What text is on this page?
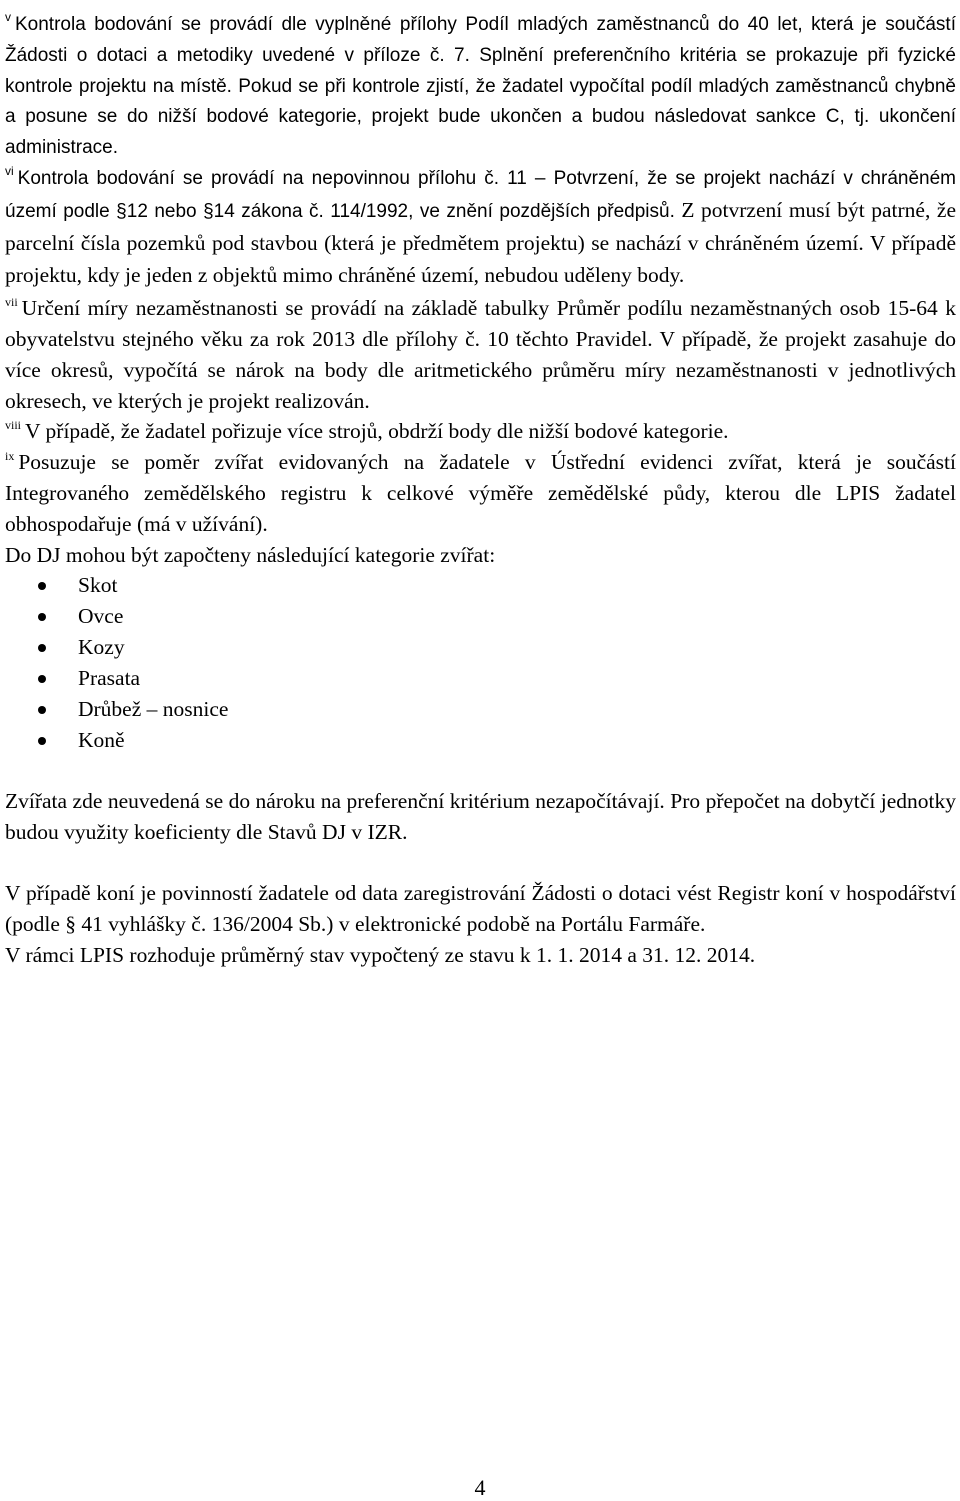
$^v$ Kontrola bodování se provádí dle vyplněné přílohy Podíl mladých zaměstnanců do 40 let, která je součástí Žádosti o dotaci a metodiky uvedené v příloze č. 7. Splnění preferenčního kritéria se prokazuje při fyzické kontrole projektu na místě. Pokud se při kontrole zjistí, že žadatel vypočítal podíl mladých zaměstnanců chybně a posune se do nižší bodové kategorie, projekt bude ukončen a budou následovat sankce C, tj. ukončení administrace.

$^{vi}$ Kontrola bodování se provádí na nepovinnou přílohu č. 11 – Potvrzení, že se projekt nachází v chráněném území podle §12 nebo §14 zákona č. 114/1992, ve znění pozdějších předpisů. Z potvrzení musí být patrné, že parcelní čísla pozemků pod stavbou (která je předmětem projektu) se nachází v chráněném území. V případě projektu, kdy je jeden z objektů mimo chráněné území, nebudou uděleny body.

$^{vii}$ Určení míry nezaměstnanosti se provádí na základě tabulky Průměr podílu nezaměstnaných osob 15-64 k obyvatelstvu stejného věku za rok 2013 dle přílohy č. 10 těchto Pravidel. V případě, že projekt zasahuje do více okresů, vypočítá se nárok na body dle aritmetického průměru míry nezaměstnanosti v jednotlivých okresech, ve kterých je projekt realizován.

$^{viii}$ V případě, že žadatel pořizuje více strojů, obdrží body dle nižší bodové kategorie.

$^{ix}$ Posuzuje se poměr zvířat evidovaných na žadatele v Ústřední evidenci zvířat, která je součástí Integrovaného zemědělského registru k celkové výměře zemědělské půdy, kterou dle LPIS žadatel obhospodařuje (má v užívání).

Do DJ mohou být započteny následující kategorie zvířat:

Skot
Ovce
Kozy
Prasata
Drůbež – nosnice
Koně

Zvířata zde neuvedená se do nároku na preferenční kritérium nezapočítávají. Pro přepočet na dobytčí jednotky budou využity koeficienty dle Stavů DJ v IZR.

V případě koní je povinností žadatele od data zaregistrování Žádosti o dotaci vést Registr koní v hospodářství (podle § 41 vyhlášky č. 136/2004 Sb.) v elektronické podobě na Portálu Farmáře.

V rámci LPIS rozhoduje průměrný stav vypočtený ze stavu k 1. 1. 2014 a 31. 12. 2014.

4
